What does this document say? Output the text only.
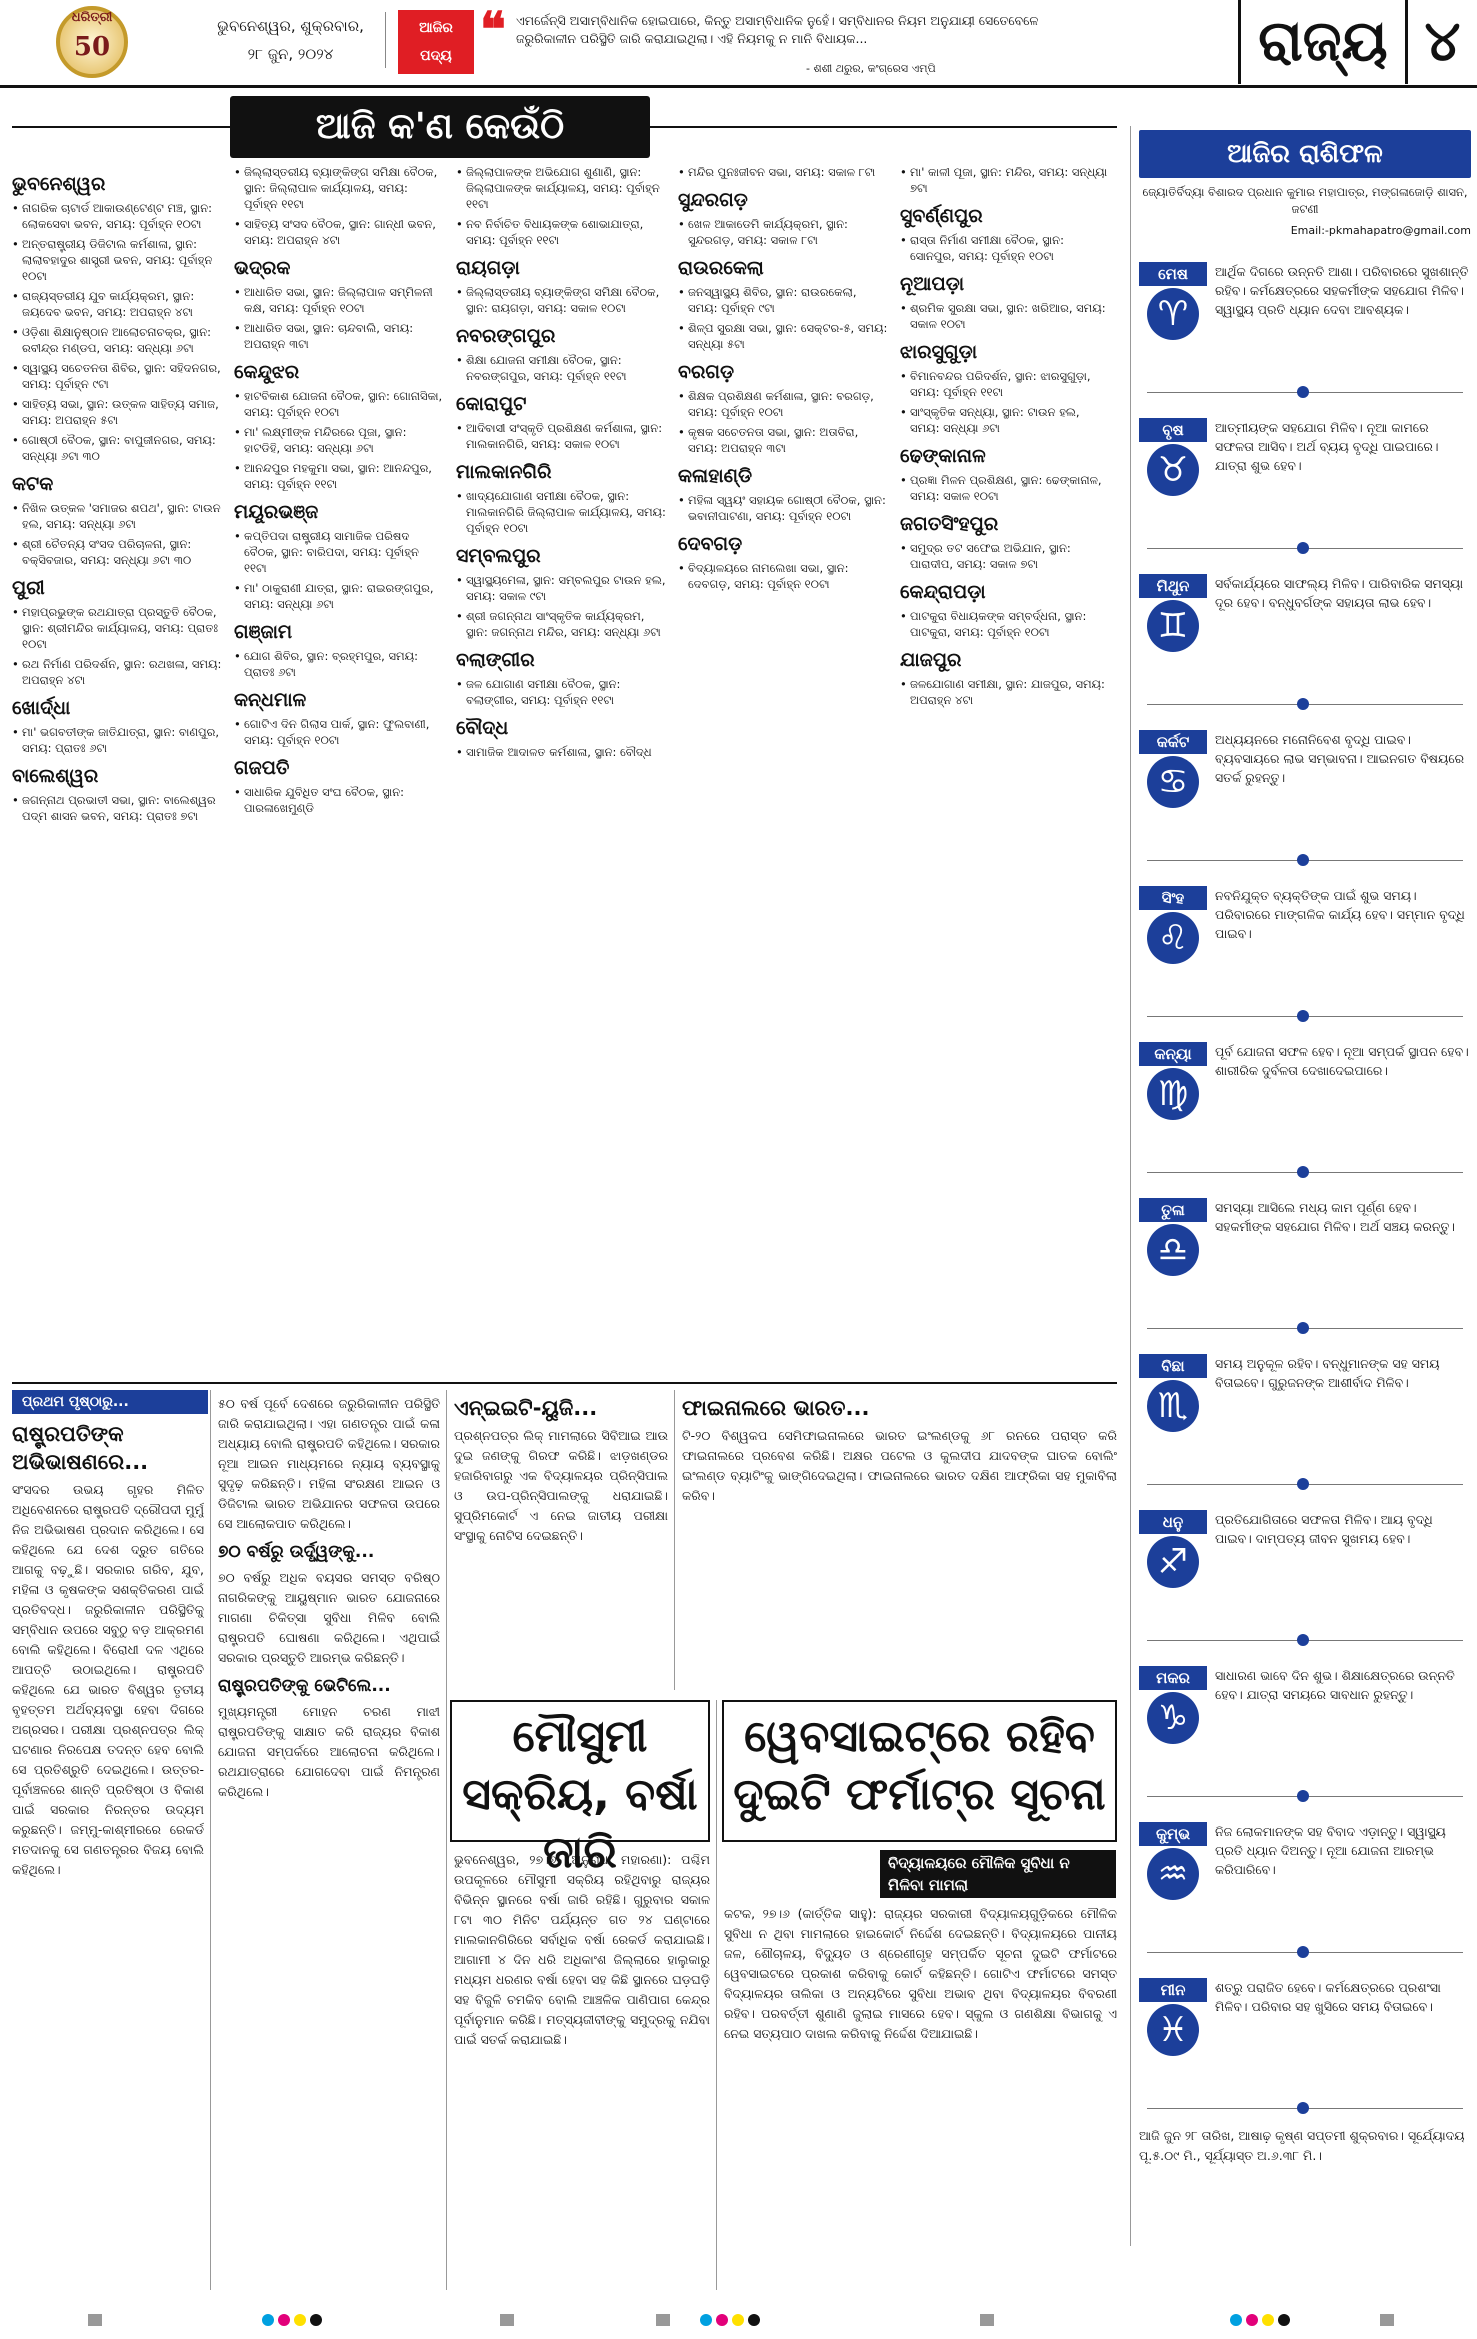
ଧରିତ୍ରୀ
50
ଭୁବନେଶ୍ୱର, ଶୁକ୍ରବାର,
୨୮ ଜୁନ, ୨୦୨୪
ଆଜିର
ପଦ୍ୟ ❝ ଏମର୍ଜେନ୍ସି ଅସାମ୍ବିଧାନିକ ହୋଇପାରେ, କିନ୍ତୁ ଅସାମ୍ବିଧାନିକ ନୁହେଁ। ସମ୍ବିଧାନର ନିୟମ ଅନୁଯାୟୀ ସେତେବେଳେ ଜରୁରିକାଳୀନ ପରିସ୍ଥିତି ଜାରି କରାଯାଇଥିଲା। ଏହି ନିୟମକୁ ନ ମାନି ବିଧାୟକ...
- ଶଶୀ ଥରୁର, କଂଗ୍ରେସ ଏମ୍‌ପି	ରାଜ୍ୟ ୪
ଆଜି କ'ଣ କେଉଁଠି
ଭୁବନେଶ୍ୱର
• ନାଗରିକ ଚାଟାର୍ଡ ଆକାଉଣ୍ଟେଣ୍ଟ ମଞ୍ଚ, ସ୍ଥାନ: ଲୋକସେବା ଭବନ, ସମୟ: ପୂର୍ବାହ୍ନ ୧୦ଟା
• ଅନ୍ତରାଷ୍ଟ୍ରୀୟ ଡିଜିଟାଲ କର୍ମଶାଳା, ସ୍ଥାନ: ଲାଲାବହାଦୁର ଶାସ୍ତ୍ରୀ ଭବନ, ସମୟ: ପୂର୍ବାହ୍ନ ୧୦ଟା
• ରାଜ୍ୟସ୍ତରୀୟ ଯୁବ କାର୍ଯ୍ୟକ୍ରମ, ସ୍ଥାନ: ଜୟଦେବ ଭବନ, ସମୟ: ଅପରାହ୍ନ ୪ଟା
• ଓଡ଼ିଶା ଶିକ୍ଷାନୁଷ୍ଠାନ ଆଲୋଚନାଚକ୍ର, ସ୍ଥାନ: ରବୀନ୍ଦ୍ର ମଣ୍ଡପ, ସମୟ: ସନ୍ଧ୍ୟା ୬ଟା
• ସ୍ୱାସ୍ଥ୍ୟ ସଚେତନତା ଶିବିର, ସ୍ଥାନ: ସହିଦନଗର, ସମୟ: ପୂର୍ବାହ୍ନ ୯ଟା
• ସାହିତ୍ୟ ସଭା, ସ୍ଥାନ: ଉତ୍କଳ ସାହିତ୍ୟ ସମାଜ, ସମୟ: ଅପରାହ୍ନ ୫ଟା
• ଗୋଷ୍ଠୀ ବୈଠକ, ସ୍ଥାନ: ବାପୁଜୀନଗର, ସମୟ: ସନ୍ଧ୍ୟା ୬ଟା ୩୦
କଟକ
• ନିଖିଳ ଉତ୍କଳ 'ସମାଜର ଶପଥ', ସ୍ଥାନ: ଟାଉନ ହଲ, ସମୟ: ସନ୍ଧ୍ୟା ୬ଟା
• ଶ୍ରୀ ଚୈତନ୍ୟ ସଂସଦ ପରିଚାଳନା, ସ୍ଥାନ: ବକ୍ସିବଜାର, ସମୟ: ସନ୍ଧ୍ୟା ୬ଟା ୩୦
ପୁରୀ
• ମହାପ୍ରଭୁଙ୍କ ରଥଯାତ୍ରା ପ୍ରସ୍ତୁତି ବୈଠକ, ସ୍ଥାନ: ଶ୍ରୀମନ୍ଦିର କାର୍ଯ୍ୟାଳୟ, ସମୟ: ପ୍ରାତଃ ୧୦ଟା
• ରଥ ନିର୍ମାଣ ପରିଦର୍ଶନ, ସ୍ଥାନ: ରଥଖଳା, ସମୟ: ଅପରାହ୍ନ ୪ଟା
ଖୋର୍ଦ୍ଧା
• ମା' ଭଗବତୀଙ୍କ ଜାତିଯାତ୍ରା, ସ୍ଥାନ: ବାଣପୁର, ସମୟ: ପ୍ରାତଃ ୬ଟା
ବାଲେଶ୍ୱର
• ଜଗନ୍ନାଥ ପ୍ରଭାତୀ ସଭା, ସ୍ଥାନ: ବାଲେଶ୍ୱର ପଦ୍ମ ଶାସନ ଭବନ, ସମୟ: ପ୍ରାତଃ ୭ଟା
• ଜିଲ୍ଲାସ୍ତରୀୟ ବ୍ୟାଙ୍କିଙ୍ଗ ସମିକ୍ଷା ବୈଠକ, ସ୍ଥାନ: ଜିଲ୍ଲାପାଳ କାର୍ଯ୍ୟାଳୟ, ସମୟ: ପୂର୍ବାହ୍ନ ୧୧ଟା
• ସାହିତ୍ୟ ସଂସଦ ବୈଠକ, ସ୍ଥାନ: ଗାନ୍ଧୀ ଭବନ, ସମୟ: ଅପରାହ୍ନ ୪ଟା
ଭଦ୍ରକ
• ଆଧାରିତ ସଭା, ସ୍ଥାନ: ଜିଲ୍ଲାପାଳ ସମ୍ମିଳନୀ କକ୍ଷ, ସମୟ: ପୂର୍ବାହ୍ନ ୧୦ଟା
• ଆଧାରିତ ସଭା, ସ୍ଥାନ: ଚାନ୍ଦବାଲି, ସମୟ: ଅପରାହ୍ନ ୩ଟା
କେନ୍ଦୁଝର
• ହାଟବିକାଶ ଯୋଜନା ବୈଠକ, ସ୍ଥାନ: ଗୋନାସିକା, ସମୟ: ପୂର୍ବାହ୍ନ ୧୦ଟା
• ମା' ଲକ୍ଷ୍ମୀଙ୍କ ମନ୍ଦିରରେ ପୂଜା, ସ୍ଥାନ: ହାଟଡିହି, ସମୟ: ସନ୍ଧ୍ୟା ୬ଟା
• ଆନନ୍ଦପୁର ମହକୁମା ସଭା, ସ୍ଥାନ: ଆନନ୍ଦପୁର, ସମୟ: ପୂର୍ବାହ୍ନ ୧୧ଟା
ମୟୂରଭଞ୍ଜ
• କପ୍ତିପଦା ରାଷ୍ଟ୍ରୀୟ ସାମାଜିକ ପରିଷଦ ବୈଠକ, ସ୍ଥାନ: ବାରିପଦା, ସମୟ: ପୂର୍ବାହ୍ନ ୧୧ଟା
• ମା' ଠାକୁରାଣୀ ଯାତ୍ରା, ସ୍ଥାନ: ରାଇରଙ୍ଗପୁର, ସମୟ: ସନ୍ଧ୍ୟା ୬ଟା
ଗଞ୍ଜାମ
• ଯୋଗ ଶିବିର, ସ୍ଥାନ: ବ୍ରହ୍ମପୁର, ସମୟ: ପ୍ରାତଃ ୬ଟା
କନ୍ଧମାଳ
• ଗୋଟିଏ ଦିନ ଗିଲାସ ପାର୍କ, ସ୍ଥାନ: ଫୁଲବାଣୀ, ସମୟ: ପୂର୍ବାହ୍ନ ୧୦ଟା
ଗଜପତି
• ସାଧାରିକ ଯୁବିଧିତ ସଂଘ ବୈଠକ, ସ୍ଥାନ: ପାରଳାଖେମୁଣ୍ଡି
• ଜିଲ୍ଲାପାଳଙ୍କ ଅଭିଯୋଗ ଶୁଣାଣି, ସ୍ଥାନ: ଜିଲ୍ଲାପାଳଙ୍କ କାର୍ଯ୍ୟାଳୟ, ସମୟ: ପୂର୍ବାହ୍ନ ୧୧ଟା
• ନବ ନିର୍ବାଚିତ ବିଧାୟକଙ୍କ ଶୋଭାଯାତ୍ରା, ସମୟ: ପୂର୍ବାହ୍ନ ୧୧ଟା
ରାୟଗଡ଼ା
• ଜିଲ୍ଲାସ୍ତରୀୟ ବ୍ୟାଙ୍କିଙ୍ଗ ସମିକ୍ଷା ବୈଠକ, ସ୍ଥାନ: ରାୟଗଡ଼ା, ସମୟ: ସକାଳ ୧୦ଟା
ନବରଙ୍ଗପୁର
• ଶିକ୍ଷା ଯୋଜନା ସମୀକ୍ଷା ବୈଠକ, ସ୍ଥାନ: ନବରଙ୍ଗପୁର, ସମୟ: ପୂର୍ବାହ୍ନ ୧୧ଟା
କୋରାପୁଟ
• ଆଦିବାସୀ ସଂସ୍କୃତି ପ୍ରଶିକ୍ଷଣ କର୍ମଶାଳା, ସ୍ଥାନ: ମାଲକାନଗିରି, ସମୟ: ସକାଳ ୧୦ଟା
ମାଲକାନଗିରି
• ଖାଦ୍ୟଯୋଗାଣ ସମୀକ୍ଷା ବୈଠକ, ସ୍ଥାନ: ମାଲକାନଗିରି ଜିଲ୍ଲାପାଳ କାର୍ଯ୍ୟାଳୟ, ସମୟ: ପୂର୍ବାହ୍ନ ୧୦ଟା
ସମ୍ବଲପୁର
• ସ୍ୱାସ୍ଥ୍ୟମେଳା, ସ୍ଥାନ: ସମ୍ବଲପୁର ଟାଉନ ହଲ, ସମୟ: ସକାଳ ୯ଟା
• ଶ୍ରୀ ଜଗନ୍ନାଥ ସାଂସ୍କୃତିକ କାର୍ଯ୍ୟକ୍ରମ, ସ୍ଥାନ: ଜଗନ୍ନାଥ ମନ୍ଦିର, ସମୟ: ସନ୍ଧ୍ୟା ୬ଟା
ବଲାଙ୍ଗୀର
• ଜଳ ଯୋଗାଣ ସମୀକ୍ଷା ବୈଠକ, ସ୍ଥାନ: ବଲାଙ୍ଗୀର, ସମୟ: ପୂର୍ବାହ୍ନ ୧୧ଟା
ବୌଦ୍ଧ
• ସାମାଜିକ ଆଦାଳତ କର୍ମଶାଳା, ସ୍ଥାନ: ବୌଦ୍ଧ
• ମନ୍ଦିର ପୁନଃଜୀବନ ସଭା, ସମୟ: ସକାଳ ୮ଟା
ସୁନ୍ଦରଗଡ଼
• ଖେଳ ଆକାଡେମି କାର୍ଯ୍ୟକ୍ରମ, ସ୍ଥାନ: ସୁନ୍ଦରଗଡ଼, ସମୟ: ସକାଳ ୮ଟା
ରାଉରକେଲା
• ଜନସ୍ୱାସ୍ଥ୍ୟ ଶିବିର, ସ୍ଥାନ: ରାଉରକେଲା, ସମୟ: ପୂର୍ବାହ୍ନ ୯ଟା
• ଶିଳ୍ପ ସୁରକ୍ଷା ସଭା, ସ୍ଥାନ: ସେକ୍ଟର-୫, ସମୟ: ସନ୍ଧ୍ୟା ୫ଟା
ବରଗଡ଼
• ଶିକ୍ଷକ ପ୍ରଶିକ୍ଷଣ କର୍ମଶାଳା, ସ୍ଥାନ: ବରଗଡ଼, ସମୟ: ପୂର୍ବାହ୍ନ ୧୦ଟା
• କୃଷକ ସଚେତନତା ସଭା, ସ୍ଥାନ: ଅତାବିରା, ସମୟ: ଅପରାହ୍ନ ୩ଟା
କଳାହାଣ୍ଡି
• ମହିଳା ସ୍ୱୟଂ ସହାୟକ ଗୋଷ୍ଠୀ ବୈଠକ, ସ୍ଥାନ: ଭବାନୀପାଟଣା, ସମୟ: ପୂର୍ବାହ୍ନ ୧୦ଟା
ଦେବଗଡ଼
• ବିଦ୍ୟାଳୟରେ ନାମଲେଖା ସଭା, ସ୍ଥାନ: ଦେବଗଡ଼, ସମୟ: ପୂର୍ବାହ୍ନ ୧୦ଟା
• ମା' କାଳୀ ପୂଜା, ସ୍ଥାନ: ମନ୍ଦିର, ସମୟ: ସନ୍ଧ୍ୟା ୭ଟା
ସୁବର୍ଣ୍ଣପୁର
• ରାସ୍ତା ନିର୍ମାଣ ସମୀକ୍ଷା ବୈଠକ, ସ୍ଥାନ: ସୋନପୁର, ସମୟ: ପୂର୍ବାହ୍ନ ୧୦ଟା
ନୂଆପଡ଼ା
• ଶ୍ରମିକ ସୁରକ୍ଷା ସଭା, ସ୍ଥାନ: ଖରିଆର, ସମୟ: ସକାଳ ୧୦ଟା
ଝାରସୁଗୁଡ଼ା
• ବିମାନବନ୍ଦର ପରିଦର୍ଶନ, ସ୍ଥାନ: ଝାରସୁଗୁଡ଼ା, ସମୟ: ପୂର୍ବାହ୍ନ ୧୧ଟା
• ସାଂସ୍କୃତିକ ସନ୍ଧ୍ୟା, ସ୍ଥାନ: ଟାଉନ ହଲ, ସମୟ: ସନ୍ଧ୍ୟା ୬ଟା
ଢେଙ୍କାନାଳ
• ପ୍ରଜ୍ଞା ମିଳନ ପ୍ରଶିକ୍ଷଣ, ସ୍ଥାନ: ଢେଙ୍କାନାଳ, ସମୟ: ସକାଳ ୧୦ଟା
ଜଗତସିଂହପୁର
• ସମୁଦ୍ର ତଟ ସଫେଇ ଅଭିଯାନ, ସ୍ଥାନ: ପାରାଦୀପ, ସମୟ: ସକାଳ ୭ଟା
କେନ୍ଦ୍ରାପଡ଼ା
• ପାଟକୁରା ବିଧାୟକଙ୍କ ସମ୍ବର୍ଦ୍ଧନା, ସ୍ଥାନ: ପାଟକୁରା, ସମୟ: ପୂର୍ବାହ୍ନ ୧୦ଟା
ଯାଜପୁର
• ଜଳଯୋଗାଣ ସମୀକ୍ଷା, ସ୍ଥାନ: ଯାଜପୁର, ସମୟ: ଅପରାହ୍ନ ୪ଟା
ଆଜିର ରାଶିଫଳ
ଜ୍ୟୋତିର୍ବିଦ୍ୟା ବିଶାରଦ ପ୍ରଧାନ କୁମାର ମହାପାତ୍ର, ମଙ୍ଗଳାଜୋଡ଼ି ଶାସନ, ଜଟଣୀ
Email:-pkmahapatro@gmail.com
ଆଜି ଜୁନ ୨୮ ତାରିଖ, ଆଷାଢ଼ କୃଷ୍ଣ ସପ୍ତମୀ ଶୁକ୍ରବାର। ସୂର୍ଯ୍ୟୋଦୟ ପୂ.୫.୦୯ ମି., ସୂର୍ଯ୍ୟାସ୍ତ ଅ.୬.୩୮ ମି.।
ମେଷ
♈
ଆର୍ଥିକ ଦିଗରେ ଉନ୍ନତି ଆଶା। ପରିବାରରେ ସୁଖଶାନ୍ତି ରହିବ। କର୍ମକ୍ଷେତ୍ରରେ ସହକର୍ମୀଙ୍କ ସହଯୋଗ ମିଳିବ। ସ୍ୱାସ୍ଥ୍ୟ ପ୍ରତି ଧ୍ୟାନ ଦେବା ଆବଶ୍ୟକ।
ବୃଷ
♉
ଆତ୍ମୀୟଙ୍କ ସହଯୋଗ ମିଳିବ। ନୂଆ କାମରେ ସଫଳତା ଆସିବ। ଅର୍ଥ ବ୍ୟୟ ବୃଦ୍ଧି ପାଇପାରେ। ଯାତ୍ରା ଶୁଭ ହେବ।
ମିଥୁନ
♊
ସର୍ବକାର୍ଯ୍ୟରେ ସାଫଲ୍ୟ ମିଳିବ। ପାରିବାରିକ ସମସ୍ୟା ଦୂର ହେବ। ବନ୍ଧୁବର୍ଗଙ୍କ ସହାୟତା ଲାଭ ହେବ।
କର୍କଟ
♋
ଅଧ୍ୟୟନରେ ମନୋନିବେଶ ବୃଦ୍ଧି ପାଇବ। ବ୍ୟବସାୟରେ ଲାଭ ସମ୍ଭାବନା। ଆଇନଗତ ବିଷୟରେ ସତର୍କ ରୁହନ୍ତୁ।
ସିଂହ
♌
ନବନିଯୁକ୍ତ ବ୍ୟକ୍ତିଙ୍କ ପାଇଁ ଶୁଭ ସମୟ। ପରିବାରରେ ମାଙ୍ଗଳିକ କାର୍ଯ୍ୟ ହେବ। ସମ୍ମାନ ବୃଦ୍ଧି ପାଇବ।
କନ୍ୟା
♍
ପୂର୍ବ ଯୋଜନା ସଫଳ ହେବ। ନୂଆ ସମ୍ପର୍କ ସ୍ଥାପନ ହେବ। ଶାରୀରିକ ଦୁର୍ବଳତା ଦେଖାଦେଇପାରେ।
ତୁଳା
♎
ସମସ୍ୟା ଆସିଲେ ମଧ୍ୟ କାମ ପୂର୍ଣ୍ଣ ହେବ। ସହକର୍ମୀଙ୍କ ସହଯୋଗ ମିଳିବ। ଅର୍ଥ ସଞ୍ଚୟ କରନ୍ତୁ।
ବିଛା
♏
ସମୟ ଅନୁକୂଳ ରହିବ। ବନ୍ଧୁମାନଙ୍କ ସହ ସମୟ ବିତାଇବେ। ଗୁରୁଜନଙ୍କ ଆଶୀର୍ବାଦ ମିଳିବ।
ଧନୁ
♐
ପ୍ରତିଯୋଗିତାରେ ସଫଳତା ମିଳିବ। ଆୟ ବୃଦ୍ଧି ପାଇବ। ଦାମ୍ପତ୍ୟ ଜୀବନ ସୁଖମୟ ହେବ।
ମକର
♑
ସାଧାରଣ ଭାବେ ଦିନ ଶୁଭ। ଶିକ୍ଷାକ୍ଷେତ୍ରରେ ଉନ୍ନତି ହେବ। ଯାତ୍ରା ସମୟରେ ସାବଧାନ ରୁହନ୍ତୁ।
କୁମ୍ଭ
♒
ନିଜ ଲୋକମାନଙ୍କ ସହ ବିବାଦ ଏଡ଼ାନ୍ତୁ। ସ୍ୱାସ୍ଥ୍ୟ ପ୍ରତି ଧ୍ୟାନ ଦିଅନ୍ତୁ। ନୂଆ ଯୋଜନା ଆରମ୍ଭ କରିପାରିବେ।
ମୀନ
♓
ଶତ୍ରୁ ପରାଜିତ ହେବେ। କର୍ମକ୍ଷେତ୍ରରେ ପ୍ରଶଂସା ମିଳିବ। ପରିବାର ସହ ଖୁସିରେ ସମୟ ବିତାଇବେ।
ପ୍ରଥମ ପୃଷ୍ଠାରୁ...
ରାଷ୍ଟ୍ରପତିଙ୍କ ଅଭିଭାଷଣରେ...
ସଂସଦର ଉଭୟ ଗୃହର ମିଳିତ ଅଧିବେଶନରେ ରାଷ୍ଟ୍ରପତି ଦ୍ରୌପଦୀ ମୁର୍ମୁ ନିଜ ଅଭିଭାଷଣ ପ୍ରଦାନ କରିଥିଲେ। ସେ କହିଥିଲେ ଯେ ଦେଶ ଦ୍ରୁତ ଗତିରେ ଆଗକୁ ବଢ଼ୁଛି। ସରକାର ଗରିବ, ଯୁବ, ମହିଳା ଓ କୃଷକଙ୍କ ସଶକ୍ତିକରଣ ପାଇଁ ପ୍ରତିବଦ୍ଧ। ଜରୁରିକାଳୀନ ପରିସ୍ଥିତିକୁ ସମ୍ବିଧାନ ଉପରେ ସବୁଠୁ ବଡ଼ ଆକ୍ରମଣ ବୋଲି କହିଥିଲେ। ବିରୋଧୀ ଦଳ ଏଥିରେ ଆପତ୍ତି ଉଠାଇଥିଲେ। ରାଷ୍ଟ୍ରପତି କହିଥିଲେ ଯେ ଭାରତ ବିଶ୍ୱର ତୃତୀୟ ବୃହତ୍ତମ ଅର୍ଥବ୍ୟବସ୍ଥା ହେବା ଦିଗରେ ଅଗ୍ରସର। ପରୀକ୍ଷା ପ୍ରଶ୍ନପତ୍ର ଲିକ୍ ଘଟଣାର ନିରପେକ୍ଷ ତଦନ୍ତ ହେବ ବୋଲି ସେ ପ୍ରତିଶ୍ରୁତି ଦେଇଥିଲେ। ଉତ୍ତର-ପୂର୍ବାଞ୍ଚଳରେ ଶାନ୍ତି ପ୍ରତିଷ୍ଠା ଓ ବିକାଶ ପାଇଁ ସରକାର ନିରନ୍ତର ଉଦ୍ୟମ କରୁଛନ୍ତି। ଜମ୍ମୁ-କାଶ୍ମୀରରେ ରେକର୍ଡ ମତଦାନକୁ ସେ ଗଣତନ୍ତ୍ରର ବିଜୟ ବୋଲି କହିଥିଲେ।
୫୦ ବର୍ଷ ପୂର୍ବେ ଦେଶରେ ଜରୁରିକାଳୀନ ପରିସ୍ଥିତି ଜାରି କରାଯାଇଥିଲା। ଏହା ଗଣତନ୍ତ୍ର ପାଇଁ କଳା ଅଧ୍ୟାୟ ବୋଲି ରାଷ୍ଟ୍ରପତି କହିଥିଲେ। ସରକାର ନୂଆ ଆଇନ ମାଧ୍ୟମରେ ନ୍ୟାୟ ବ୍ୟବସ୍ଥାକୁ ସୁଦୃଢ଼ କରିଛନ୍ତି। ମହିଳା ସଂରକ୍ଷଣ ଆଇନ ଓ ଡିଜିଟାଲ ଭାରତ ଅଭିଯାନର ସଫଳତା ଉପରେ ସେ ଆଲୋକପାତ କରିଥିଲେ।
୭୦ ବର୍ଷରୁ ଉର୍ଦ୍ଧ୍ୱଙ୍କୁ...
୭୦ ବର୍ଷରୁ ଅଧିକ ବୟସର ସମସ୍ତ ବରିଷ୍ଠ ନାଗରିକଙ୍କୁ ଆୟୁଷ୍ମାନ ଭାରତ ଯୋଜନାରେ ମାଗଣା ଚିକିତ୍ସା ସୁବିଧା ମିଳିବ ବୋଲି ରାଷ୍ଟ୍ରପତି ଘୋଷଣା କରିଥିଲେ। ଏଥିପାଇଁ ସରକାର ପ୍ରସ୍ତୁତି ଆରମ୍ଭ କରିଛନ୍ତି।
ରାଷ୍ଟ୍ରପତିଙ୍କୁ ଭେଟିଲେ...
ମୁଖ୍ୟମନ୍ତ୍ରୀ ମୋହନ ଚରଣ ମାଝୀ ରାଷ୍ଟ୍ରପତିଙ୍କୁ ସାକ୍ଷାତ କରି ରାଜ୍ୟର ବିକାଶ ଯୋଜନା ସମ୍ପର୍କରେ ଆଲୋଚନା କରିଥିଲେ। ରଥଯାତ୍ରାରେ ଯୋଗଦେବା ପାଇଁ ନିମନ୍ତ୍ରଣ କରିଥିଲେ।
ଏନ୍‌ଇଇଟି-ୟୁଜି...
ପ୍ରଶ୍ନପତ୍ର ଲିକ୍ ମାମଲାରେ ସିବିଆଇ ଆଉ ଦୁଇ ଜଣଙ୍କୁ ଗିରଫ କରିଛି। ଝାଡ଼ଖଣ୍ଡର ହଜାରିବାଗରୁ ଏକ ବିଦ୍ୟାଳୟର ପ୍ରିନ୍ସିପାଲ ଓ ଉପ-ପ୍ରିନ୍ସିପାଲଙ୍କୁ ଧରାଯାଇଛି। ସୁପ୍ରିମକୋର୍ଟ ଏ ନେଇ ଜାତୀୟ ପରୀକ୍ଷା ସଂସ୍ଥାକୁ ନୋଟିସ ଦେଇଛନ୍ତି।
ଫାଇନାଲରେ ଭାରତ...
ଟି-୨୦ ବିଶ୍ୱକପ ସେମିଫାଇନାଲରେ ଭାରତ ଇଂଲଣ୍ଡକୁ ୬୮ ରନରେ ପରାସ୍ତ କରି ଫାଇନାଲରେ ପ୍ରବେଶ କରିଛି। ଅକ୍ଷର ପଟେଲ ଓ କୁଲଦୀପ ଯାଦବଙ୍କ ଘାତକ ବୋଲିଂ ଇଂଲଣ୍ଡ ବ୍ୟାଟିଂକୁ ଭାଙ୍ଗିଦେଇଥିଲା। ଫାଇନାଲରେ ଭାରତ ଦକ୍ଷିଣ ଆଫ୍ରିକା ସହ ମୁକାବିଲା କରିବ।
ମୌସୁମୀ ସକ୍ରିୟ, ବର୍ଷା ଜାରି
ଭୁବନେଶ୍ୱର, ୨୭।୬ (ଅନୁରାଧା ମହାରଣା): ପଶ୍ଚିମ ଉପକୂଳରେ ମୌସୁମୀ ସକ୍ରିୟ ରହିଥିବାରୁ ରାଜ୍ୟର ବିଭିନ୍ନ ସ୍ଥାନରେ ବର୍ଷା ଜାରି ରହିଛି। ଗୁରୁବାର ସକାଳ ୮ଟା ୩୦ ମିନିଟ ପର୍ଯ୍ୟନ୍ତ ଗତ ୨୪ ଘଣ୍ଟାରେ ମାଲକାନଗିରିରେ ସର୍ବାଧିକ ବର୍ଷା ରେକର୍ଡ କରାଯାଇଛି। ଆଗାମୀ ୪ ଦିନ ଧରି ଅଧିକାଂଶ ଜିଲ୍ଲାରେ ହାଲୁକାରୁ ମଧ୍ୟମ ଧରଣର ବର୍ଷା ହେବା ସହ କିଛି ସ୍ଥାନରେ ଘଡ଼ଘଡ଼ି ସହ ବିଜୁଳି ଚମକିବ ବୋଲି ଆଞ୍ଚଳିକ ପାଣିପାଗ କେନ୍ଦ୍ର ପୂର୍ବାନୁମାନ କରିଛି। ମତ୍ସ୍ୟଜୀବୀଙ୍କୁ ସମୁଦ୍ରକୁ ନଯିବା ପାଇଁ ସତର୍କ କରାଯାଇଛି।
ୱେବସାଇଟ୍‌ରେ ରହିବ ଦୁଇଟି ଫର୍ମାଟ୍‌ର ସୂଚନା
ବିଦ୍ୟାଳୟରେ ମୌଳିକ ସୁବିଧା ନ ମିଳିବା ମାମଲା
କଟକ, ୨୭।୬ (କାର୍ତ୍ତିକ ସାହୁ): ରାଜ୍ୟର ସରକାରୀ ବିଦ୍ୟାଳୟଗୁଡ଼ିକରେ ମୌଳିକ ସୁବିଧା ନ ଥିବା ମାମଲାରେ ହାଇକୋର୍ଟ ନିର୍ଦ୍ଦେଶ ଦେଇଛନ୍ତି। ବିଦ୍ୟାଳୟରେ ପାନୀୟ ଜଳ, ଶୌଚାଳୟ, ବିଦ୍ୟୁତ ଓ ଶ୍ରେଣୀଗୃହ ସମ୍ପର୍କିତ ସୂଚନା ଦୁଇଟି ଫର୍ମାଟରେ ୱେବସାଇଟରେ ପ୍ରକାଶ କରିବାକୁ କୋର୍ଟ କହିଛନ୍ତି। ଗୋଟିଏ ଫର୍ମାଟରେ ସମସ୍ତ ବିଦ୍ୟାଳୟର ତାଲିକା ଓ ଅନ୍ୟଟିରେ ସୁବିଧା ଅଭାବ ଥିବା ବିଦ୍ୟାଳୟର ବିବରଣୀ ରହିବ। ପରବର୍ତ୍ତୀ ଶୁଣାଣି ଜୁଲାଇ ମାସରେ ହେବ। ସ୍କୁଲ ଓ ଗଣଶିକ୍ଷା ବିଭାଗକୁ ଏ ନେଇ ସତ୍ୟପାଠ ଦାଖଲ କରିବାକୁ ନିର୍ଦ୍ଦେଶ ଦିଆଯାଇଛି।
